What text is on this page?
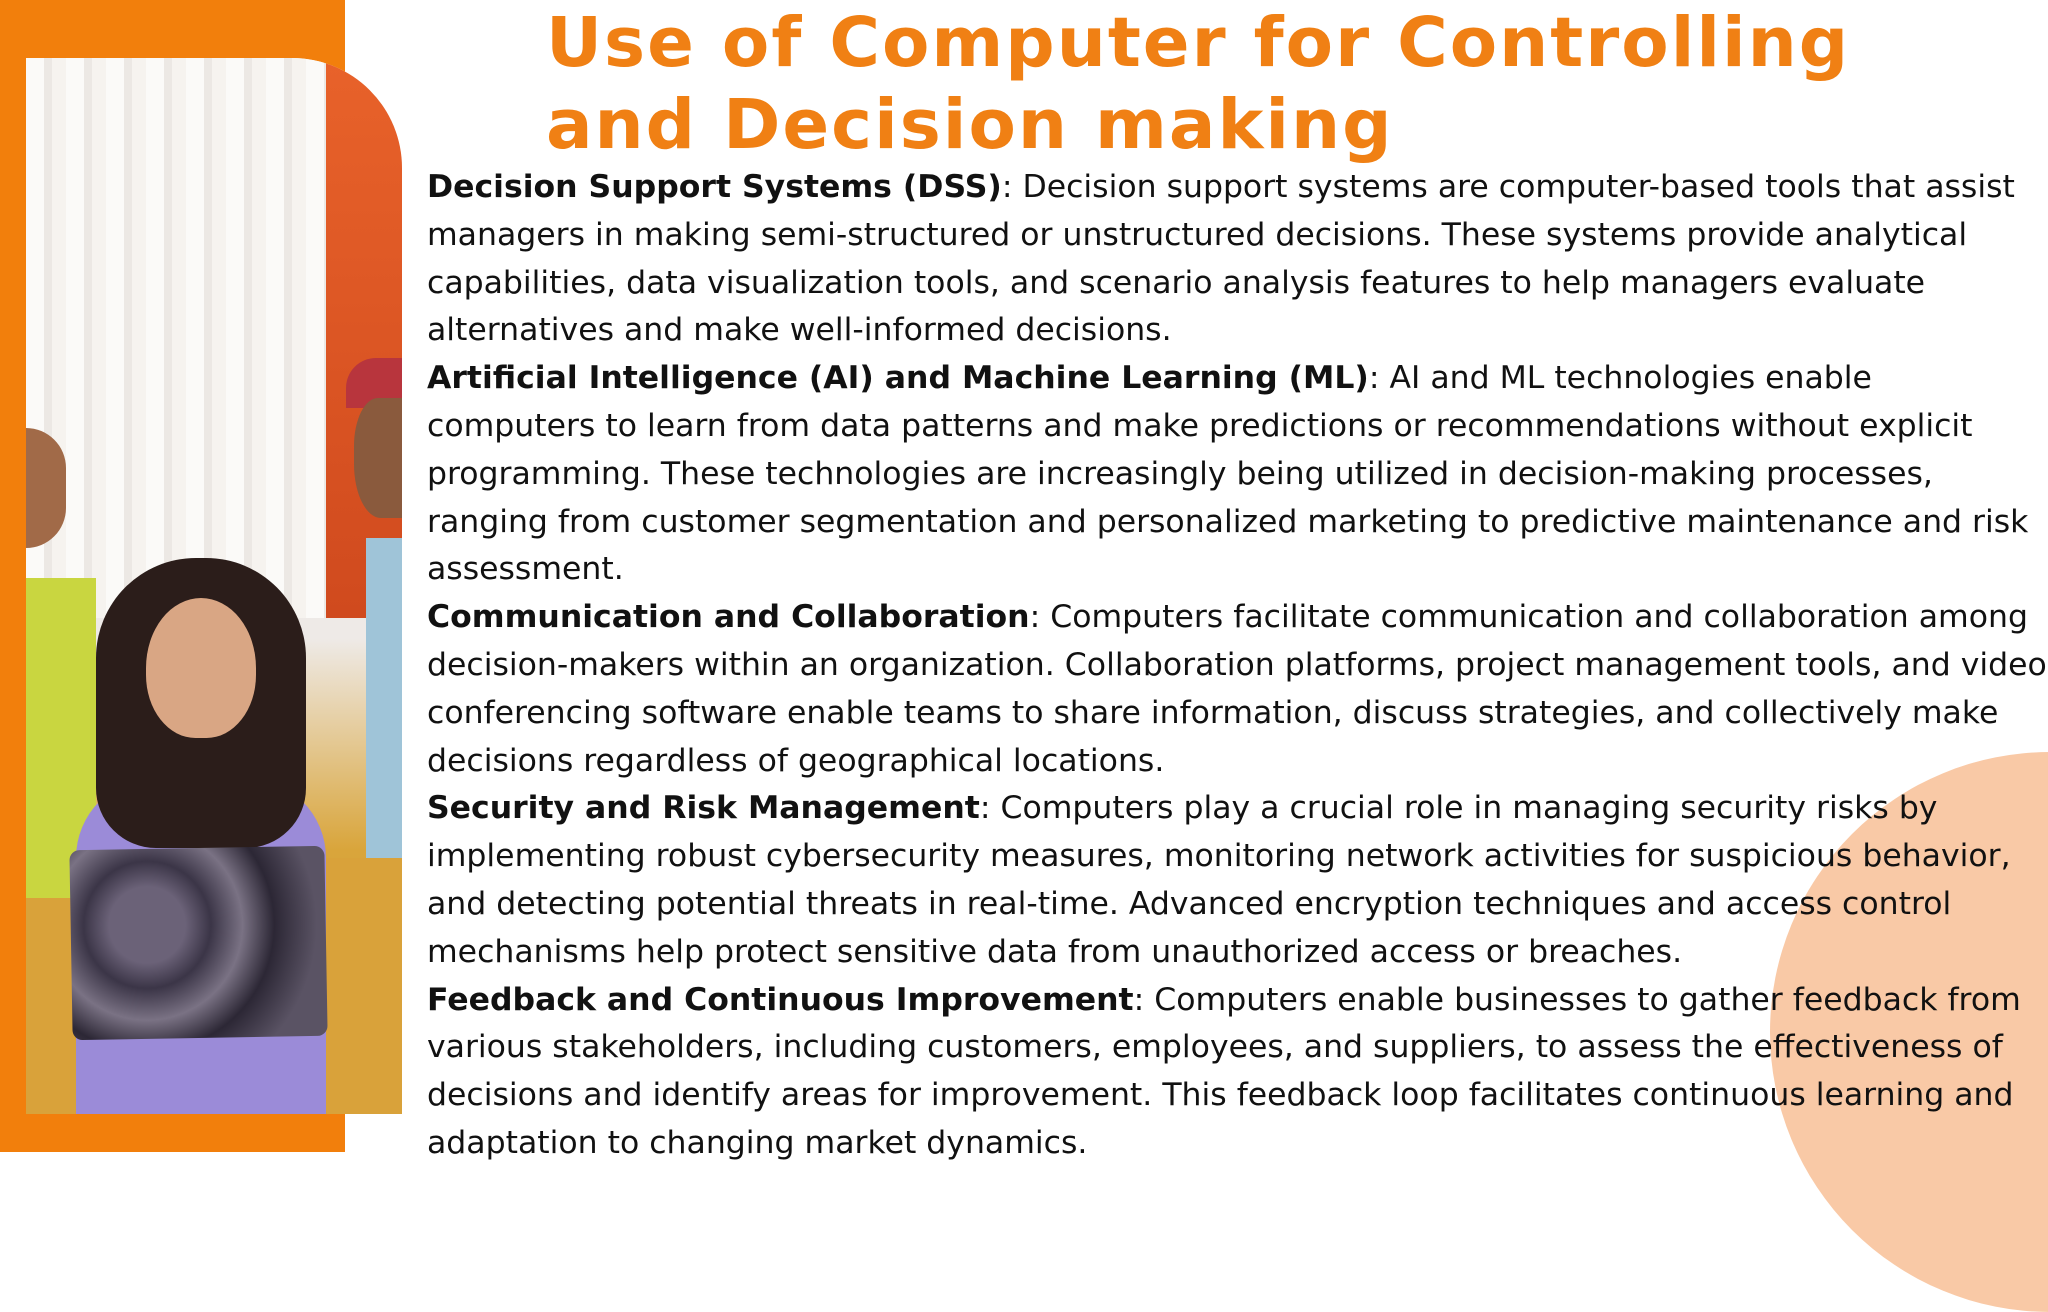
Use of Computer for Controlling and Decision making

Decision Support Systems (DSS): Decision support systems are computer-based tools that assist managers in making semi-structured or unstructured decisions. These systems provide analytical capabilities, data visualization tools, and scenario analysis features to help managers evaluate alternatives and make well-informed decisions.

Artificial Intelligence (AI) and Machine Learning (ML): AI and ML technologies enable computers to learn from data patterns and make predictions or recommendations without explicit programming. These technologies are increasingly being utilized in decision-making processes, ranging from customer segmentation and personalized marketing to predictive maintenance and risk assessment.

Communication and Collaboration: Computers facilitate communication and collaboration among decision-makers within an organization. Collaboration platforms, project management tools, and video conferencing software enable teams to share information, discuss strategies, and collectively make decisions regardless of geographical locations.

Security and Risk Management: Computers play a crucial role in managing security risks by implementing robust cybersecurity measures, monitoring network activities for suspicious behavior, and detecting potential threats in real-time. Advanced encryption techniques and access control mechanisms help protect sensitive data from unauthorized access or breaches.

Feedback and Continuous Improvement: Computers enable businesses to gather feedback from various stakeholders, including customers, employees, and suppliers, to assess the effectiveness of decisions and identify areas for improvement. This feedback loop facilitates continuous learning and adaptation to changing market dynamics.
